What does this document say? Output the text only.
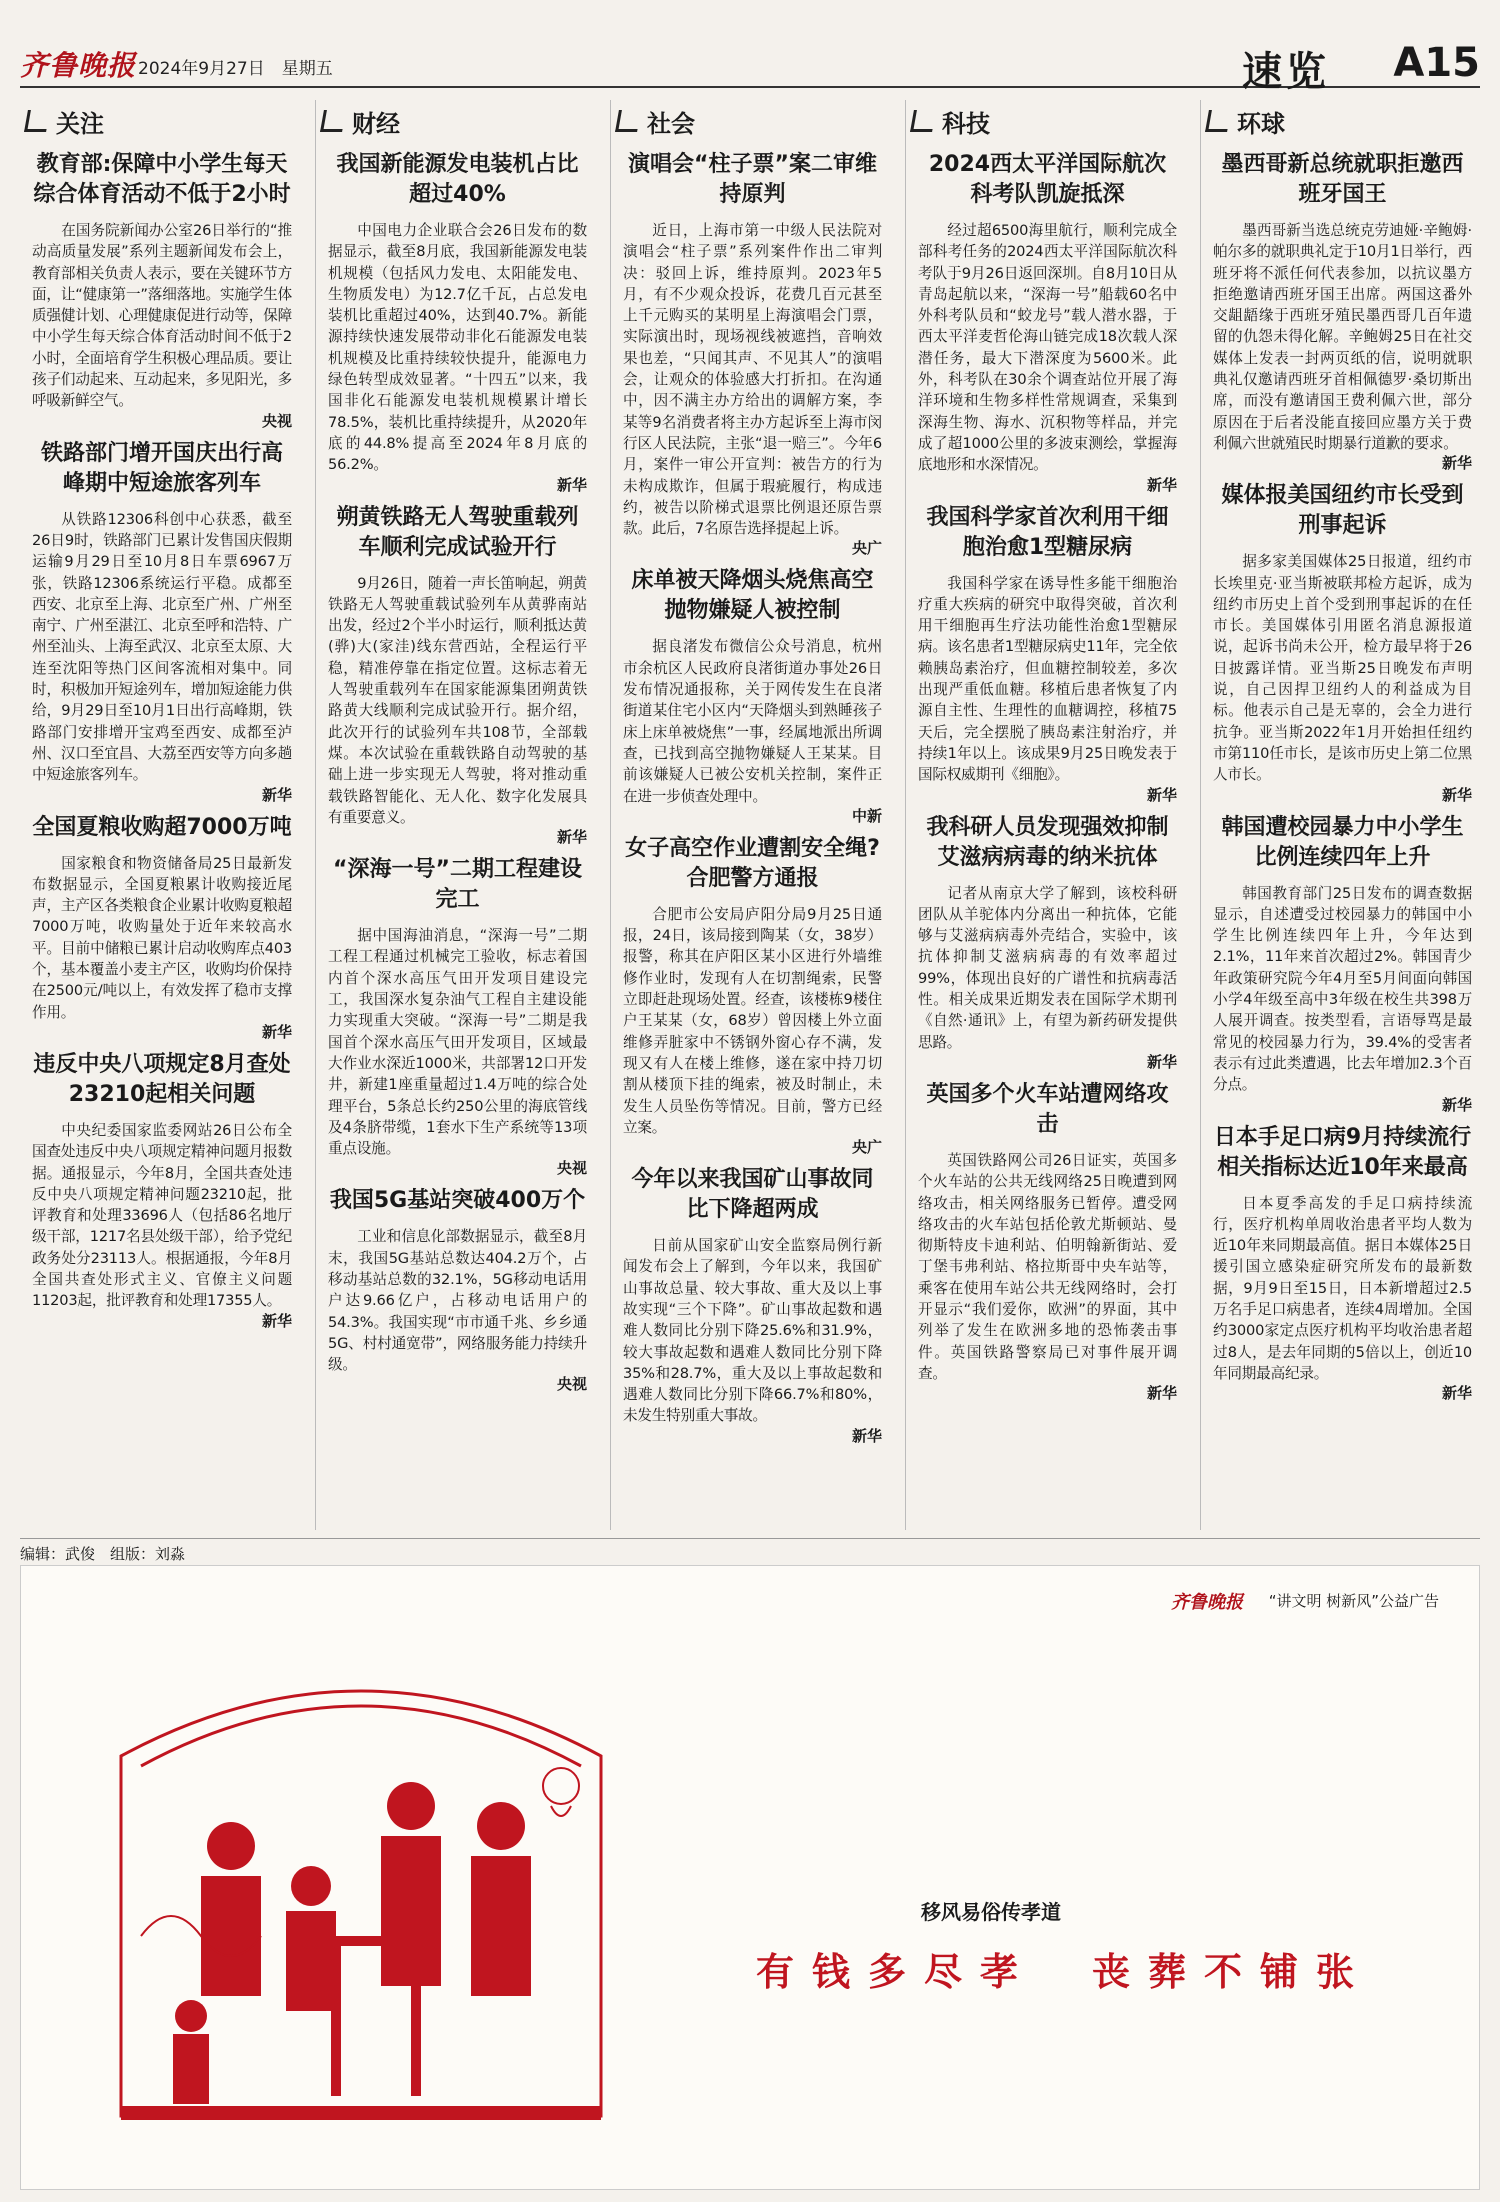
齐鲁晚报 2024年9月27日　星期五	速览 A15
关注
教育部:保障中小学生每天综合体育活动不低于2小时

在国务院新闻办公室26日举行的“推动高质量发展”系列主题新闻发布会上，教育部相关负责人表示，要在关键环节方面，让“健康第一”落细落地。实施学生体质强健计划、心理健康促进行动等，保障中小学生每天综合体育活动时间不低于2小时，全面培育学生积极心理品质。要让孩子们动起来、互动起来，多见阳光，多呼吸新鲜空气。

央视
铁路部门增开国庆出行高峰期中短途旅客列车

从铁路12306科创中心获悉，截至26日9时，铁路部门已累计发售国庆假期运输9月29日至10月8日车票6967万张，铁路12306系统运行平稳。成都至西安、北京至上海、北京至广州、广州至南宁、广州至湛江、北京至呼和浩特、广州至汕头、上海至武汉、北京至太原、大连至沈阳等热门区间客流相对集中。同时，积极加开短途列车，增加短途能力供给，9月29日至10月1日出行高峰期，铁路部门安排增开宝鸡至西安、成都至泸州、汉口至宜昌、大荔至西安等方向多趟中短途旅客列车。

新华
全国夏粮收购超7000万吨

国家粮食和物资储备局25日最新发布数据显示，全国夏粮累计收购接近尾声，主产区各类粮食企业累计收购夏粮超7000万吨，收购量处于近年来较高水平。目前中储粮已累计启动收购库点403个，基本覆盖小麦主产区，收购均价保持在2500元/吨以上，有效发挥了稳市支撑作用。

新华
违反中央八项规定8月查处23210起相关问题

中央纪委国家监委网站26日公布全国查处违反中央八项规定精神问题月报数据。通报显示，今年8月，全国共查处违反中央八项规定精神问题23210起，批评教育和处理33696人（包括86名地厅级干部，1217名县处级干部），给予党纪政务处分23113人。根据通报，今年8月全国共查处形式主义、官僚主义问题11203起，批评教育和处理17355人。

新华
财经
我国新能源发电装机占比超过40%

中国电力企业联合会26日发布的数据显示，截至8月底，我国新能源发电装机规模（包括风力发电、太阳能发电、生物质发电）为12.7亿千瓦，占总发电装机比重超过40%，达到40.7%。新能源持续快速发展带动非化石能源发电装机规模及比重持续较快提升，能源电力绿色转型成效显著。“十四五”以来，我国非化石能源发电装机规模累计增长78.5%，装机比重持续提升，从2020年底的44.8%提高至2024年8月底的56.2%。

新华
朔黄铁路无人驾驶重载列车顺利完成试验开行

9月26日，随着一声长笛响起，朔黄铁路无人驾驶重载试验列车从黄骅南站出发，经过2个半小时运行，顺利抵达黄(骅)大(家洼)线东营西站，全程运行平稳，精准停靠在指定位置。这标志着无人驾驶重载列车在国家能源集团朔黄铁路黄大线顺利完成试验开行。据介绍，此次开行的试验列车共108节，全部载煤。本次试验在重载铁路自动驾驶的基础上进一步实现无人驾驶，将对推动重载铁路智能化、无人化、数字化发展具有重要意义。

新华
“深海一号”二期工程建设完工

据中国海油消息，“深海一号”二期工程工程通过机械完工验收，标志着国内首个深水高压气田开发项目建设完工，我国深水复杂油气工程自主建设能力实现重大突破。“深海一号”二期是我国首个深水高压气田开发项目，区域最大作业水深近1000米，共部署12口开发井，新建1座重量超过1.4万吨的综合处理平台，5条总长约250公里的海底管线及4条脐带缆，1套水下生产系统等13项重点设施。

央视
我国5G基站突破400万个

工业和信息化部数据显示，截至8月末，我国5G基站总数达404.2万个，占移动基站总数的32.1%，5G移动电话用户达9.66亿户，占移动电话用户的54.3%。我国实现“市市通千兆、乡乡通5G、村村通宽带”，网络服务能力持续升级。

央视
社会
演唱会“柱子票”案二审维持原判

近日，上海市第一中级人民法院对演唱会“柱子票”系列案件作出二审判决：驳回上诉，维持原判。2023年5月，有不少观众投诉，花费几百元甚至上千元购买的某明星上海演唱会门票，实际演出时，现场视线被遮挡，音响效果也差，“只闻其声、不见其人”的演唱会，让观众的体验感大打折扣。在沟通中，因不满主办方给出的调解方案，李某等9名消费者将主办方起诉至上海市闵行区人民法院，主张“退一赔三”。今年6月，案件一审公开宣判：被告方的行为未构成欺诈，但属于瑕疵履行，构成违约，被告以阶梯式退票比例退还原告票款。此后，7名原告选择提起上诉。

央广
床单被天降烟头烧焦高空抛物嫌疑人被控制

据良渚发布微信公众号消息，杭州市余杭区人民政府良渚街道办事处26日发布情况通报称，关于网传发生在良渚街道某住宅小区内“天降烟头到熟睡孩子床上床单被烧焦”一事，经属地派出所调查，已找到高空抛物嫌疑人王某某。目前该嫌疑人已被公安机关控制，案件正在进一步侦查处理中。

中新
女子高空作业遭割安全绳?合肥警方通报

合肥市公安局庐阳分局9月25日通报，24日，该局接到陶某（女，38岁）报警，称其在庐阳区某小区进行外墙维修作业时，发现有人在切割绳索，民警立即赶赴现场处置。经查，该楼栋9楼住户王某某（女，68岁）曾因楼上外立面维修弄脏家中不锈钢外窗心存不满，发现又有人在楼上维修，遂在家中持刀切割从楼顶下挂的绳索，被及时制止，未发生人员坠伤等情况。目前，警方已经立案。

央广
今年以来我国矿山事故同比下降超两成

日前从国家矿山安全监察局例行新闻发布会上了解到，今年以来，我国矿山事故总量、较大事故、重大及以上事故实现“三个下降”。矿山事故起数和遇难人数同比分别下降25.6%和31.9%，较大事故起数和遇难人数同比分别下降35%和28.7%，重大及以上事故起数和遇难人数同比分别下降66.7%和80%，未发生特别重大事故。

新华
科技
2024西太平洋国际航次科考队凯旋抵深

经过超6500海里航行，顺利完成全部科考任务的2024西太平洋国际航次科考队于9月26日返回深圳。自8月10日从青岛起航以来，“深海一号”船载60名中外科考队员和“蛟龙号”载人潜水器，于西太平洋麦哲伦海山链完成18次载人深潜任务，最大下潜深度为5600米。此外，科考队在30余个调查站位开展了海洋环境和生物多样性常规调查，采集到深海生物、海水、沉积物等样品，并完成了超1000公里的多波束测绘，掌握海底地形和水深情况。

新华
我国科学家首次利用干细胞治愈1型糖尿病

我国科学家在诱导性多能干细胞治疗重大疾病的研究中取得突破，首次利用干细胞再生疗法功能性治愈1型糖尿病。该名患者1型糖尿病史11年，完全依赖胰岛素治疗，但血糖控制较差，多次出现严重低血糖。移植后患者恢复了内源自主性、生理性的血糖调控，移植75天后，完全摆脱了胰岛素注射治疗，并持续1年以上。该成果9月25日晚发表于国际权威期刊《细胞》。

新华
我科研人员发现强效抑制艾滋病病毒的纳米抗体

记者从南京大学了解到，该校科研团队从羊驼体内分离出一种抗体，它能够与艾滋病病毒外壳结合，实验中，该抗体抑制艾滋病病毒的有效率超过99%，体现出良好的广谱性和抗病毒活性。相关成果近期发表在国际学术期刊《自然·通讯》上，有望为新药研发提供思路。

新华
英国多个火车站遭网络攻击

英国铁路网公司26日证实，英国多个火车站的公共无线网络25日晚遭到网络攻击，相关网络服务已暂停。遭受网络攻击的火车站包括伦敦尤斯顿站、曼彻斯特皮卡迪利站、伯明翰新街站、爱丁堡韦弗利站、格拉斯哥中央车站等，乘客在使用车站公共无线网络时，会打开显示“我们爱你，欧洲”的界面，其中列举了发生在欧洲多地的恐怖袭击事件。英国铁路警察局已对事件展开调查。

新华
环球
墨西哥新总统就职拒邀西班牙国王

墨西哥新当选总统克劳迪娅·辛鲍姆·帕尔多的就职典礼定于10月1日举行，西班牙将不派任何代表参加，以抗议墨方拒绝邀请西班牙国王出席。两国这番外交龃龉缘于西班牙殖民墨西哥几百年遗留的仇怨未得化解。辛鲍姆25日在社交媒体上发表一封两页纸的信，说明就职典礼仅邀请西班牙首相佩德罗·桑切斯出席，而没有邀请国王费利佩六世，部分原因在于后者没能直接回应墨方关于费利佩六世就殖民时期暴行道歉的要求。

新华
媒体报美国纽约市长受到刑事起诉

据多家美国媒体25日报道，纽约市长埃里克·亚当斯被联邦检方起诉，成为纽约市历史上首个受到刑事起诉的在任市长。美国媒体引用匿名消息源报道说，起诉书尚未公开，检方最早将于26日披露详情。亚当斯25日晚发布声明说，自己因捍卫纽约人的利益成为目标。他表示自己是无辜的，会全力进行抗争。亚当斯2022年1月开始担任纽约市第110任市长，是该市历史上第二位黑人市长。

新华
韩国遭校园暴力中小学生比例连续四年上升

韩国教育部门25日发布的调查数据显示，自述遭受过校园暴力的韩国中小学生比例连续四年上升，今年达到2.1%，11年来首次超过2%。韩国青少年政策研究院今年4月至5月间面向韩国小学4年级至高中3年级在校生共398万人展开调查。按类型看，言语辱骂是最常见的校园暴力行为，39.4%的受害者表示有过此类遭遇，比去年增加2.3个百分点。

新华
日本手足口病9月持续流行相关指标达近10年来最高

日本夏季高发的手足口病持续流行，医疗机构单周收治患者平均人数为近10年来同期最高值。据日本媒体25日援引国立感染症研究所发布的最新数据，9月9日至15日，日本新增超过2.5万名手足口病患者，连续4周增加。全国约3000家定点医疗机构平均收治患者超过8人，是去年同期的5倍以上，创近10年同期最高纪录。

新华
编辑：武俊　组版：刘淼
齐鲁晚报 “讲文明 树新风”公益广告
移风易俗传孝道
有钱多尽孝　丧葬不铺张
